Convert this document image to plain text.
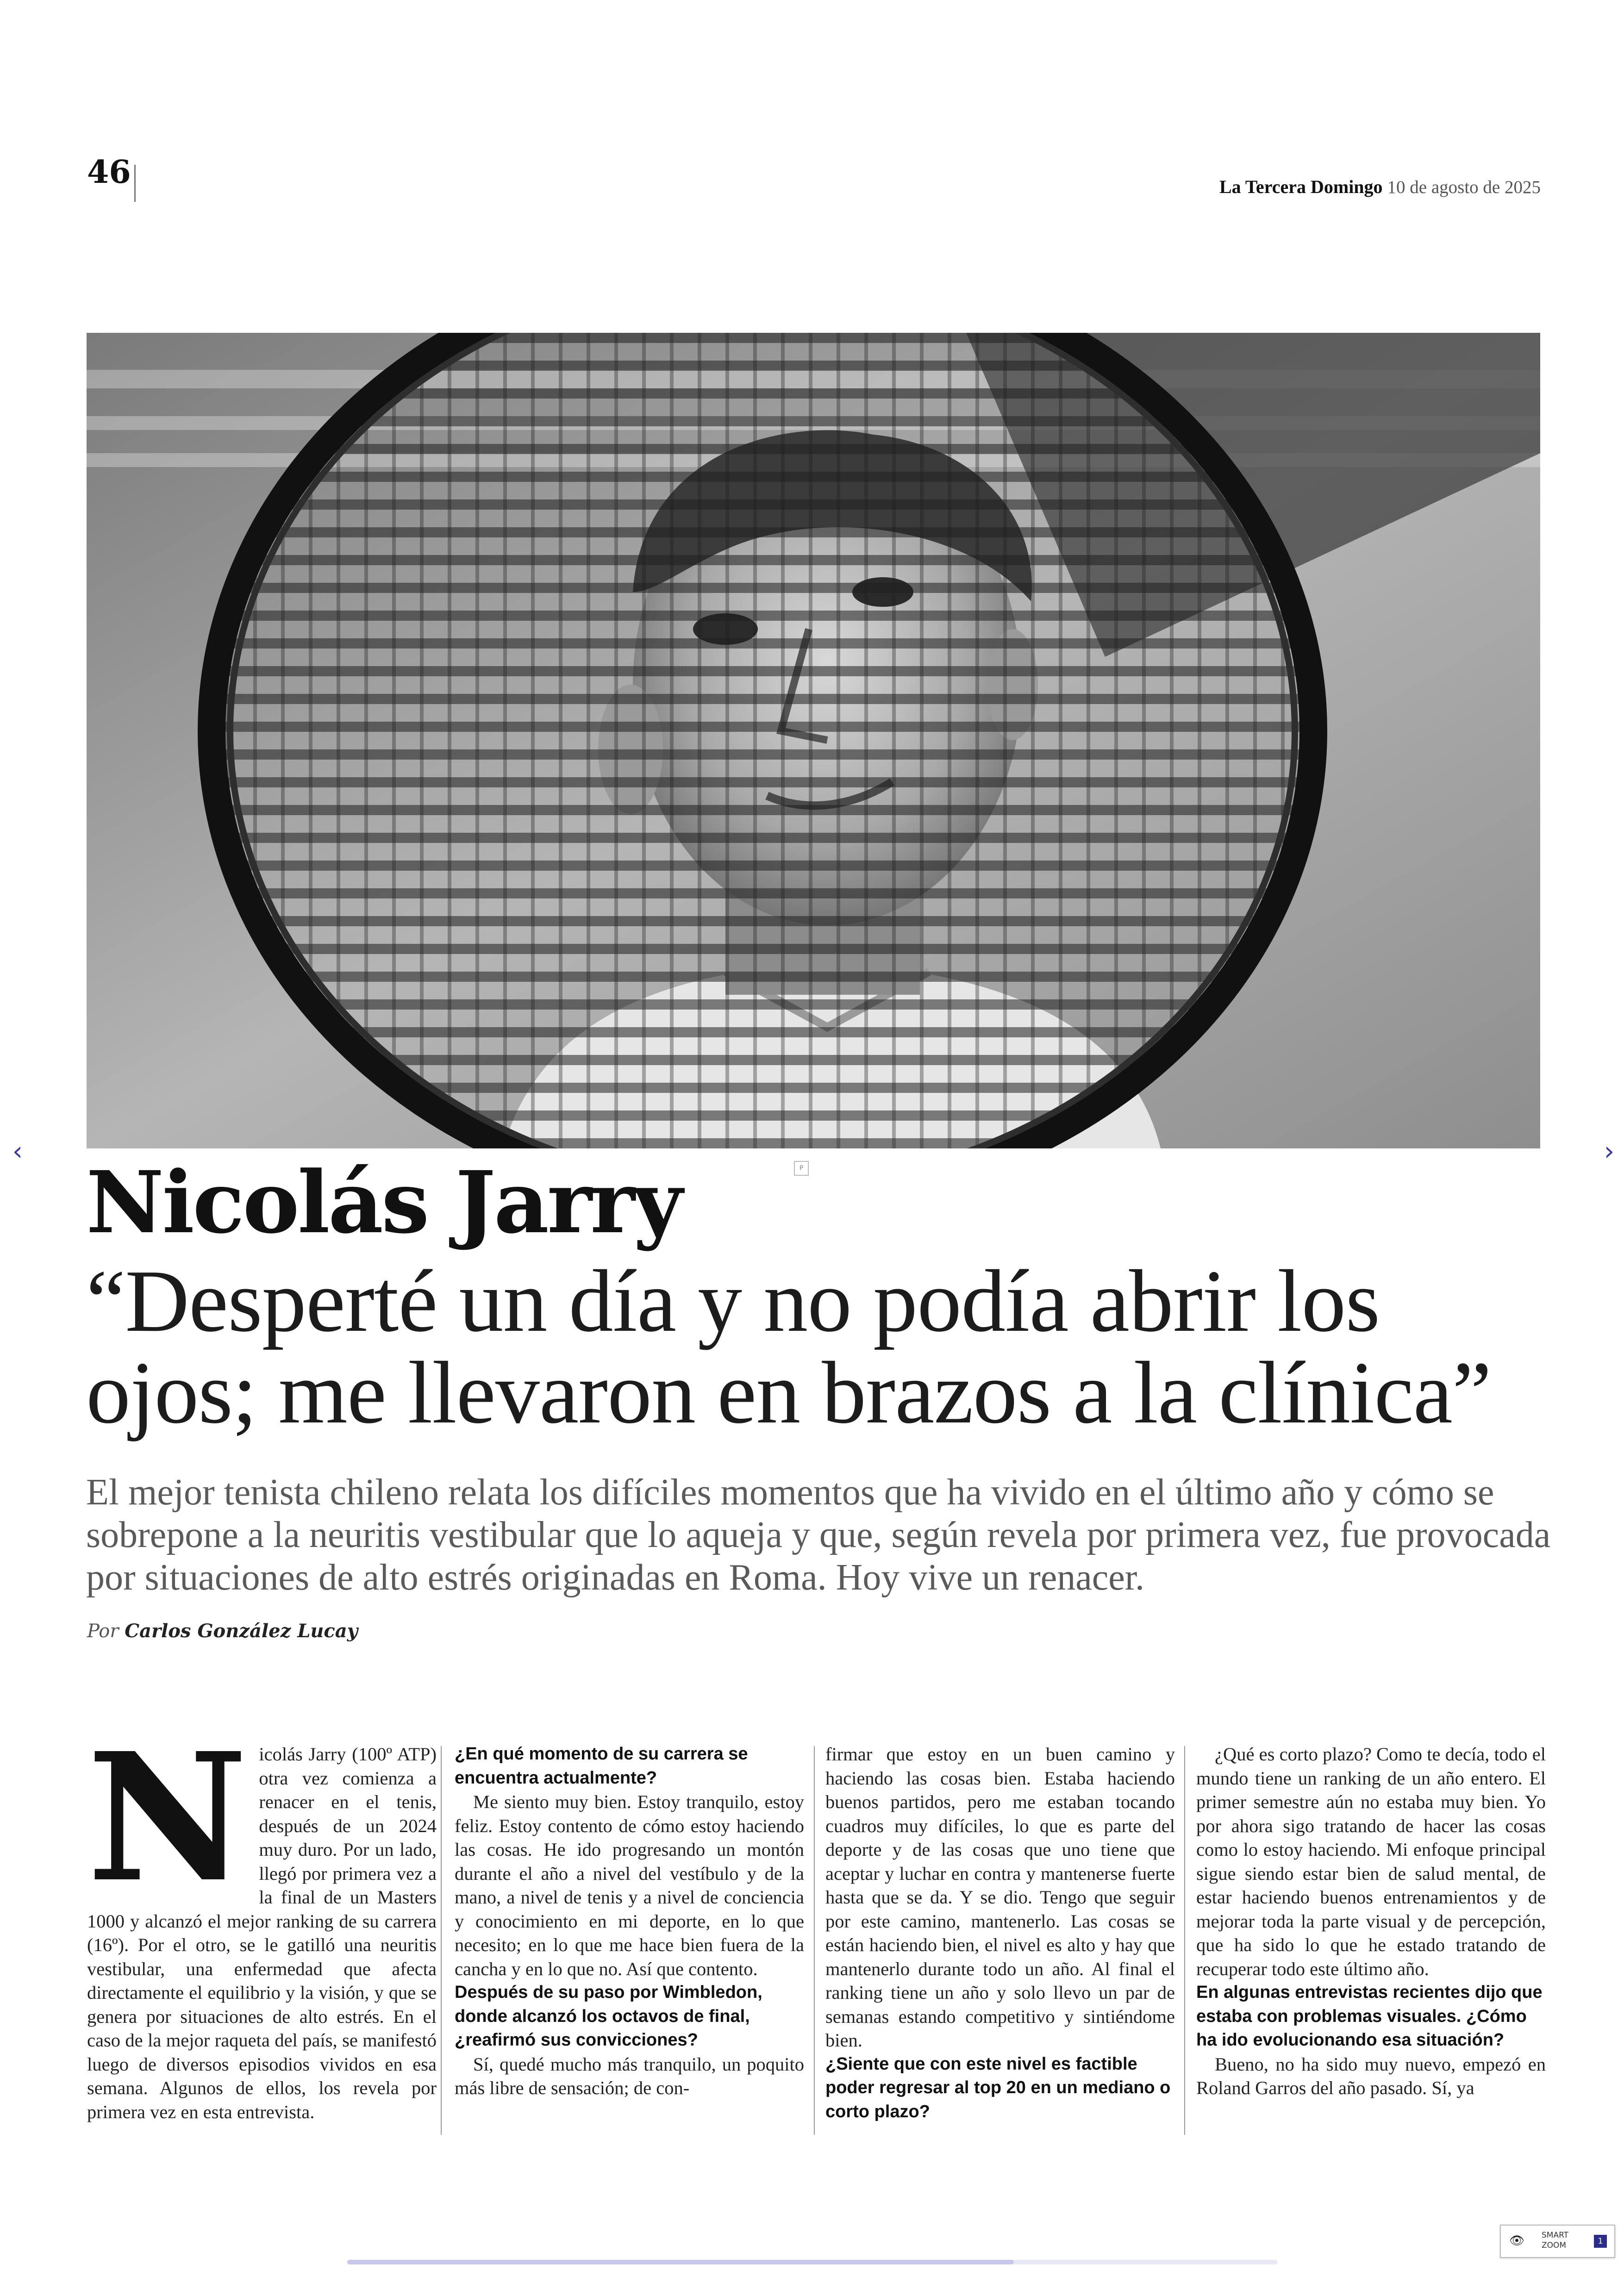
46	La Tercera Domingo 10 de agosto de 2025
‹	›
P
Nicolás Jarry
“Desperté un día y no podía abrir los ojos; me llevaron en brazos a la clínica”
El mejor tenista chileno relata los difíciles momentos que ha vivido en el último año y cómo se sobrepone a la neuritis vestibular que lo aqueja y que, según revela por primera vez, fue provocada por situaciones de alto estrés originadas en Roma. Hoy vive un renacer.
Por Carlos González Lucay
N icolás Jarry (100º ATP) otra vez comienza a renacer en el tenis, después de un 2024 muy duro. Por un lado, llegó por primera vez a la final de un Masters 1000 y alcanzó el mejor ranking de su carrera (16º). Por el otro, se le gatilló una neuritis vestibular, una enfermedad que afecta directamente el equilibrio y la visión, y que se genera por situaciones de alto estrés. En el caso de la mejor raqueta del país, se manifestó luego de diversos episodios vividos en esa semana. Algunos de ellos, los revela por primera vez en esta entrevista.

¿En qué momento de su carrera se encuentra actualmente?

Me siento muy bien. Estoy tranquilo, estoy feliz. Estoy contento de cómo estoy haciendo las cosas. He ido progresando un montón durante el año a nivel del vestíbulo y de la mano, a nivel de tenis y a nivel de conciencia y conocimiento en mi deporte, en lo que necesito; en lo que me hace bien fuera de la cancha y en lo que no. Así que contento.

Después de su paso por Wimbledon, donde alcanzó los octavos de final, ¿reafirmó sus convicciones?

Sí, quedé mucho más tranquilo, un poquito más libre de sensación; de con-

firmar que estoy en un buen camino y haciendo las cosas bien. Estaba haciendo buenos partidos, pero me estaban tocando cuadros muy difíciles, lo que es parte del deporte y de las cosas que uno tiene que aceptar y luchar en contra y mantenerse fuerte hasta que se da. Y se dio. Tengo que seguir por este camino, mantenerlo. Las cosas se están haciendo bien, el nivel es alto y hay que mantenerlo durante todo un año. Al final el ranking tiene un año y solo llevo un par de semanas estando competitivo y sintiéndome bien.

¿Siente que con este nivel es factible poder regresar al top 20 en un mediano o corto plazo?

¿Qué es corto plazo? Como te decía, todo el mundo tiene un ranking de un año entero. El primer semestre aún no estaba muy bien. Yo por ahora sigo tratando de hacer las cosas como lo estoy haciendo. Mi enfoque principal sigue siendo estar bien de salud mental, de estar haciendo buenos entrenamientos y de mejorar toda la parte visual y de percepción, que ha sido lo que he estado tratando de recuperar todo este último año.

En algunas entrevistas recientes dijo que estaba con problemas visuales. ¿Cómo ha ido evolucionando esa situación?

Bueno, no ha sido muy nuevo, empezó en Roland Garros del año pasado. Sí, ya

👁 SMART ZOOM	1
